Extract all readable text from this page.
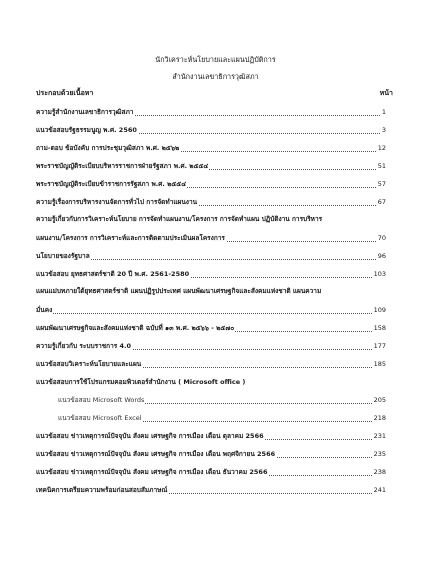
นักวิเคราะห์นโยบายและแผนปฏิบัติการ
สำนักงานเลขาธิการวุฒิสภา
ประกอบด้วยเนื้อหา	หน้า
ความรู้สำนักงานเลขาธิการวุฒิสภา	1
แนวข้อสอบรัฐธรรมนูญ พ.ศ. 2560	3
ถาม-ตอบ ข้อบังคับ การประชุมวุฒิสภา พ.ศ. ๒๕๖๒	12
พระราชบัญญัติระเบียบบริหารราชการฝ่ายรัฐสภา พ.ศ. ๒๕๕๔	51
พระราชบัญญัติระเบียบข้าราชการรัฐสภา พ.ศ. ๒๕๕๔	57
ความรู้เรื่องการบริหารงานจัดการทั่วไป การจัดทำแผนงาน	67
ความรู้เกี่ยวกับการวิเคราะห์นโยบาย การจัดทำแผนงาน/โครงการ การจัดทำแผน ปฏิบัติงาน การบริหาร
แผนงาน/โครงการ การวิเคราะห์และการติดตามประเมินผลโครงการ	70
นโยบายของรัฐบาล	96
แนวข้อสอบ ยุทธศาสตร์ชาติ 20 ปี พ.ศ. 2561-2580	103
แผนแม่บทภายใต้ยุทธศาสตร์ชาติ แผนปฏิรูปประเทศ แผนพัฒนาเศรษฐกิจและสังคมแห่งชาติ แผนความ
มั่นคง	109
แผนพัฒนาเศรษฐกิจและสังคมแห่งชาติ ฉบับที่ ๑๓ พ.ศ. ๒๕๖๖ - ๒๕๗๐	158
ความรู้เกี่ยวกับ ระบบราชการ 4.0	177
แนวข้อสอบวิเคราะห์นโยบายและแผน	185
แนวข้อสอบการใช้โปรแกรมคอมพิวเตอร์สำนักงาน ( Microsoft office )
แนวข้อสอบ Microsoft Words	205
แนวข้อสอบ Microsoft Excel	218
แนวข้อสอบ ข่าวเหตุการณ์ปัจจุบัน สังคม เศรษฐกิจ การเมือง เดือน ตุลาคม 2566	231
แนวข้อสอบ ข่าวเหตุการณ์ปัจจุบัน สังคม เศรษฐกิจ การเมือง เดือน พฤศจิกายน 2566	235
แนวข้อสอบ ข่าวเหตุการณ์ปัจจุบัน สังคม เศรษฐกิจ การเมือง เดือน ธันวาคม 2566	238
เทคนิคการเตรียมความพร้อมก่อนสอบสัมภาษณ์	241
